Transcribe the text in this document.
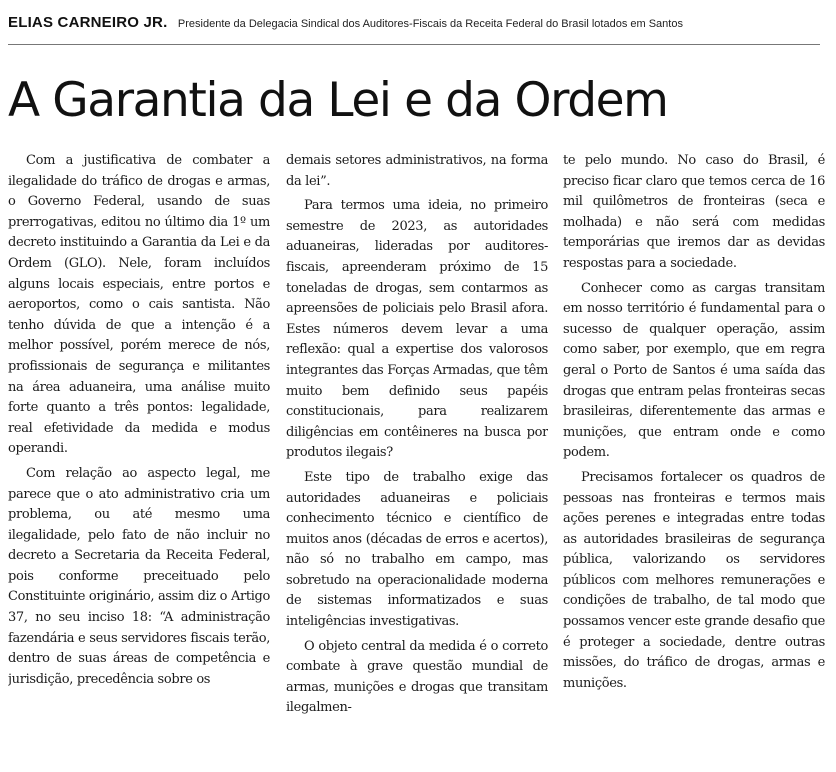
ELIAS CARNEIRO JR. Presidente da Delegacia Sindical dos Auditores-Fiscais da Receita Federal do Brasil lotados em Santos
A Garantia da Lei e da Ordem

Com a justificativa de combater a ilegalidade do tráfico de drogas e armas, o Governo Federal, usando de suas prerrogativas, editou no último dia 1º um decreto instituindo a Garantia da Lei e da Ordem (GLO). Nele, foram incluídos alguns locais especiais, entre portos e aeroportos, como o cais santista. Não tenho dúvida de que a intenção é a melhor possível, porém merece de nós, profissionais de segurança e militantes na área aduaneira, uma análise muito forte quanto a três pontos: legalidade, real efetividade da medida e modus operandi.

Com relação ao aspecto legal, me parece que o ato administrativo cria um problema, ou até mesmo uma ilegalidade, pelo fato de não incluir no decreto a Secretaria da Receita Federal, pois conforme preceituado pelo Constituinte originário, assim diz o Artigo 37, no seu inciso 18: “A administração fazendária e seus servidores fiscais terão, dentro de suas áreas de competência e jurisdição, precedência sobre os

demais setores administrativos, na forma da lei”.

Para termos uma ideia, no primeiro semestre de 2023, as autoridades aduaneiras, lideradas por auditores-fiscais, apreenderam próximo de 15 toneladas de drogas, sem contarmos as apreensões de policiais pelo Brasil afora. Estes números devem levar a uma reflexão: qual a expertise dos valorosos integrantes das Forças Armadas, que têm muito bem definido seus papéis constitucionais, para realizarem diligências em contêineres na busca por produtos ilegais?

Este tipo de trabalho exige das autoridades aduaneiras e policiais conhecimento técnico e científico de muitos anos (décadas de erros e acertos), não só no trabalho em campo, mas sobretudo na operacionalidade moderna de sistemas informatizados e suas inteligências investigativas.

O objeto central da medida é o correto combate à grave questão mundial de armas, munições e drogas que transitam ilegalmen-

te pelo mundo. No caso do Brasil, é preciso ficar claro que temos cerca de 16 mil quilômetros de fronteiras (seca e molhada) e não será com medidas temporárias que iremos dar as devidas respostas para a sociedade.

Conhecer como as cargas transitam em nosso território é fundamental para o sucesso de qualquer operação, assim como saber, por exemplo, que em regra geral o Porto de Santos é uma saída das drogas que entram pelas fronteiras secas brasileiras, diferentemente das armas e munições, que entram onde e como podem.

Precisamos fortalecer os quadros de pessoas nas fronteiras e termos mais ações perenes e integradas entre todas as autoridades brasileiras de segurança pública, valorizando os servidores públicos com melhores remunerações e condições de trabalho, de tal modo que possamos vencer este grande desafio que é proteger a sociedade, dentre outras missões, do tráfico de drogas, armas e munições.
